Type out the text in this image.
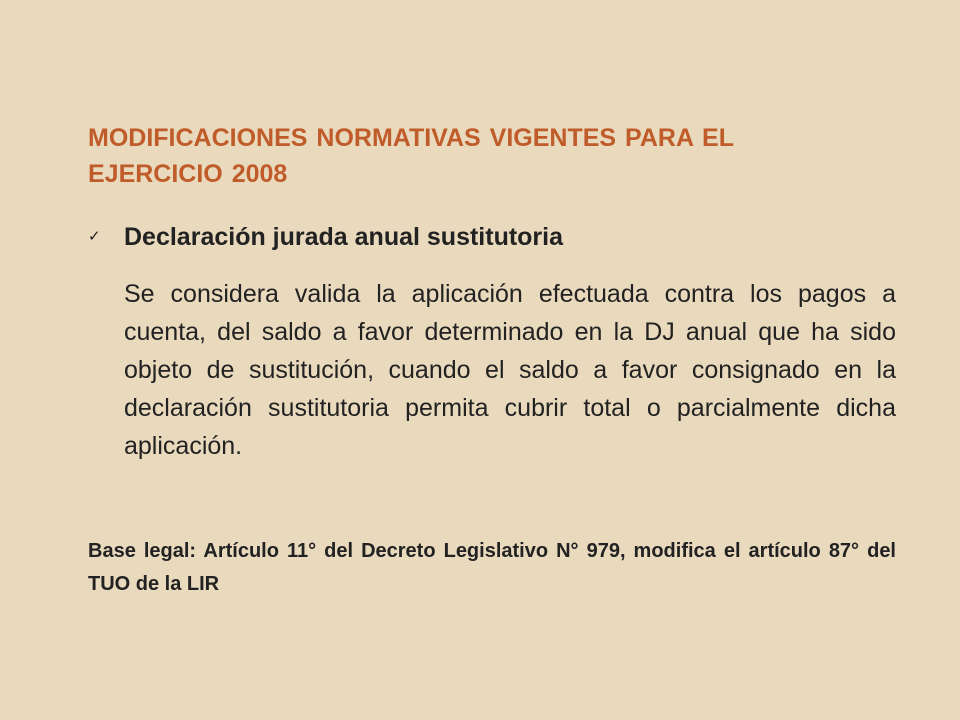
MODIFICACIONES NORMATIVAS VIGENTES PARA EL EJERCICIO 2008
✓ Declaración jurada anual sustitutoria

Se considera valida la aplicación efectuada contra los pagos a cuenta, del saldo a favor determinado en la DJ anual que ha sido objeto de sustitución, cuando el saldo a favor consignado en la declaración sustitutoria permita cubrir total o parcialmente dicha aplicación.

Base legal: Artículo 11° del Decreto Legislativo N° 979, modifica el artículo 87° del TUO de la LIR
